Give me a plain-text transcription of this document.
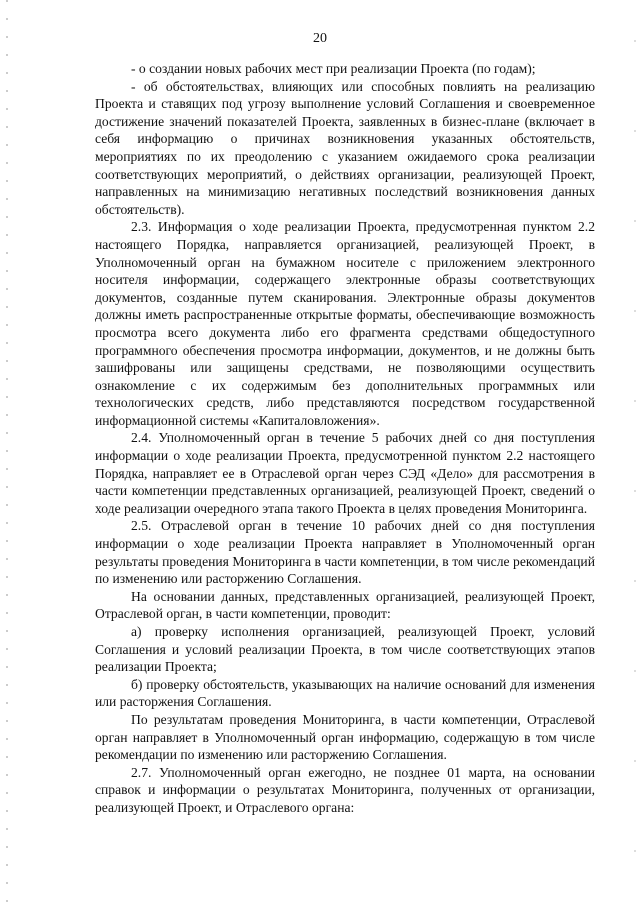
20

- о создании новых рабочих мест при реализации Проекта (по годам);

- об обстоятельствах, влияющих или способных повлиять на реализацию Проекта и ставящих под угрозу выполнение условий Соглашения и своевременное достижение значений показателей Проекта, заявленных в бизнес-плане (включает в себя информацию о причинах возникновения указанных обстоятельств, мероприятиях по их преодолению с указанием ожидаемого срока реализации соответствующих мероприятий, о действиях организации, реализующей Проект, направленных на минимизацию негативных последствий возникновения данных обстоятельств).

2.3. Информация о ходе реализации Проекта, предусмотренная пунктом 2.2 настоящего Порядка, направляется организацией, реализующей Проект, в Уполномоченный орган на бумажном носителе с приложением электронного носителя информации, содержащего электронные образы соответствующих документов, созданные путем сканирования. Электронные образы документов должны иметь распространенные открытые форматы, обеспечивающие возможность просмотра всего документа либо его фрагмента средствами общедоступного программного обеспечения просмотра информации, документов, и не должны быть зашифрованы или защищены средствами, не позволяющими осуществить ознакомление с их содержимым без дополнительных программных или технологических средств, либо представляются посредством государственной информационной системы «Капиталовложения».

2.4. Уполномоченный орган в течение 5 рабочих дней со дня поступления информации о ходе реализации Проекта, предусмотренной пунктом 2.2 настоящего Порядка, направляет ее в Отраслевой орган через СЭД «Дело» для рассмотрения в части компетенции представленных организацией, реализующей Проект, сведений о ходе реализации очередного этапа такого Проекта в целях проведения Мониторинга.

2.5. Отраслевой орган в течение 10 рабочих дней со дня поступления информации о ходе реализации Проекта направляет в Уполномоченный орган результаты проведения Мониторинга в части компетенции, в том числе рекомендаций по изменению или расторжению Соглашения.

На основании данных, представленных организацией, реализующей Проект, Отраслевой орган, в части компетенции, проводит:

а) проверку исполнения организацией, реализующей Проект, условий Соглашения и условий реализации Проекта, в том числе соответствующих этапов реализации Проекта;

б) проверку обстоятельств, указывающих на наличие оснований для изменения или расторжения Соглашения.

По результатам проведения Мониторинга, в части компетенции, Отраслевой орган направляет в Уполномоченный орган информацию, содержащую в том числе рекомендации по изменению или расторжению Соглашения.

2.7. Уполномоченный орган ежегодно, не позднее 01 марта, на основании справок и информации о результатах Мониторинга, полученных от организации, реализующей Проект, и Отраслевого органа:
